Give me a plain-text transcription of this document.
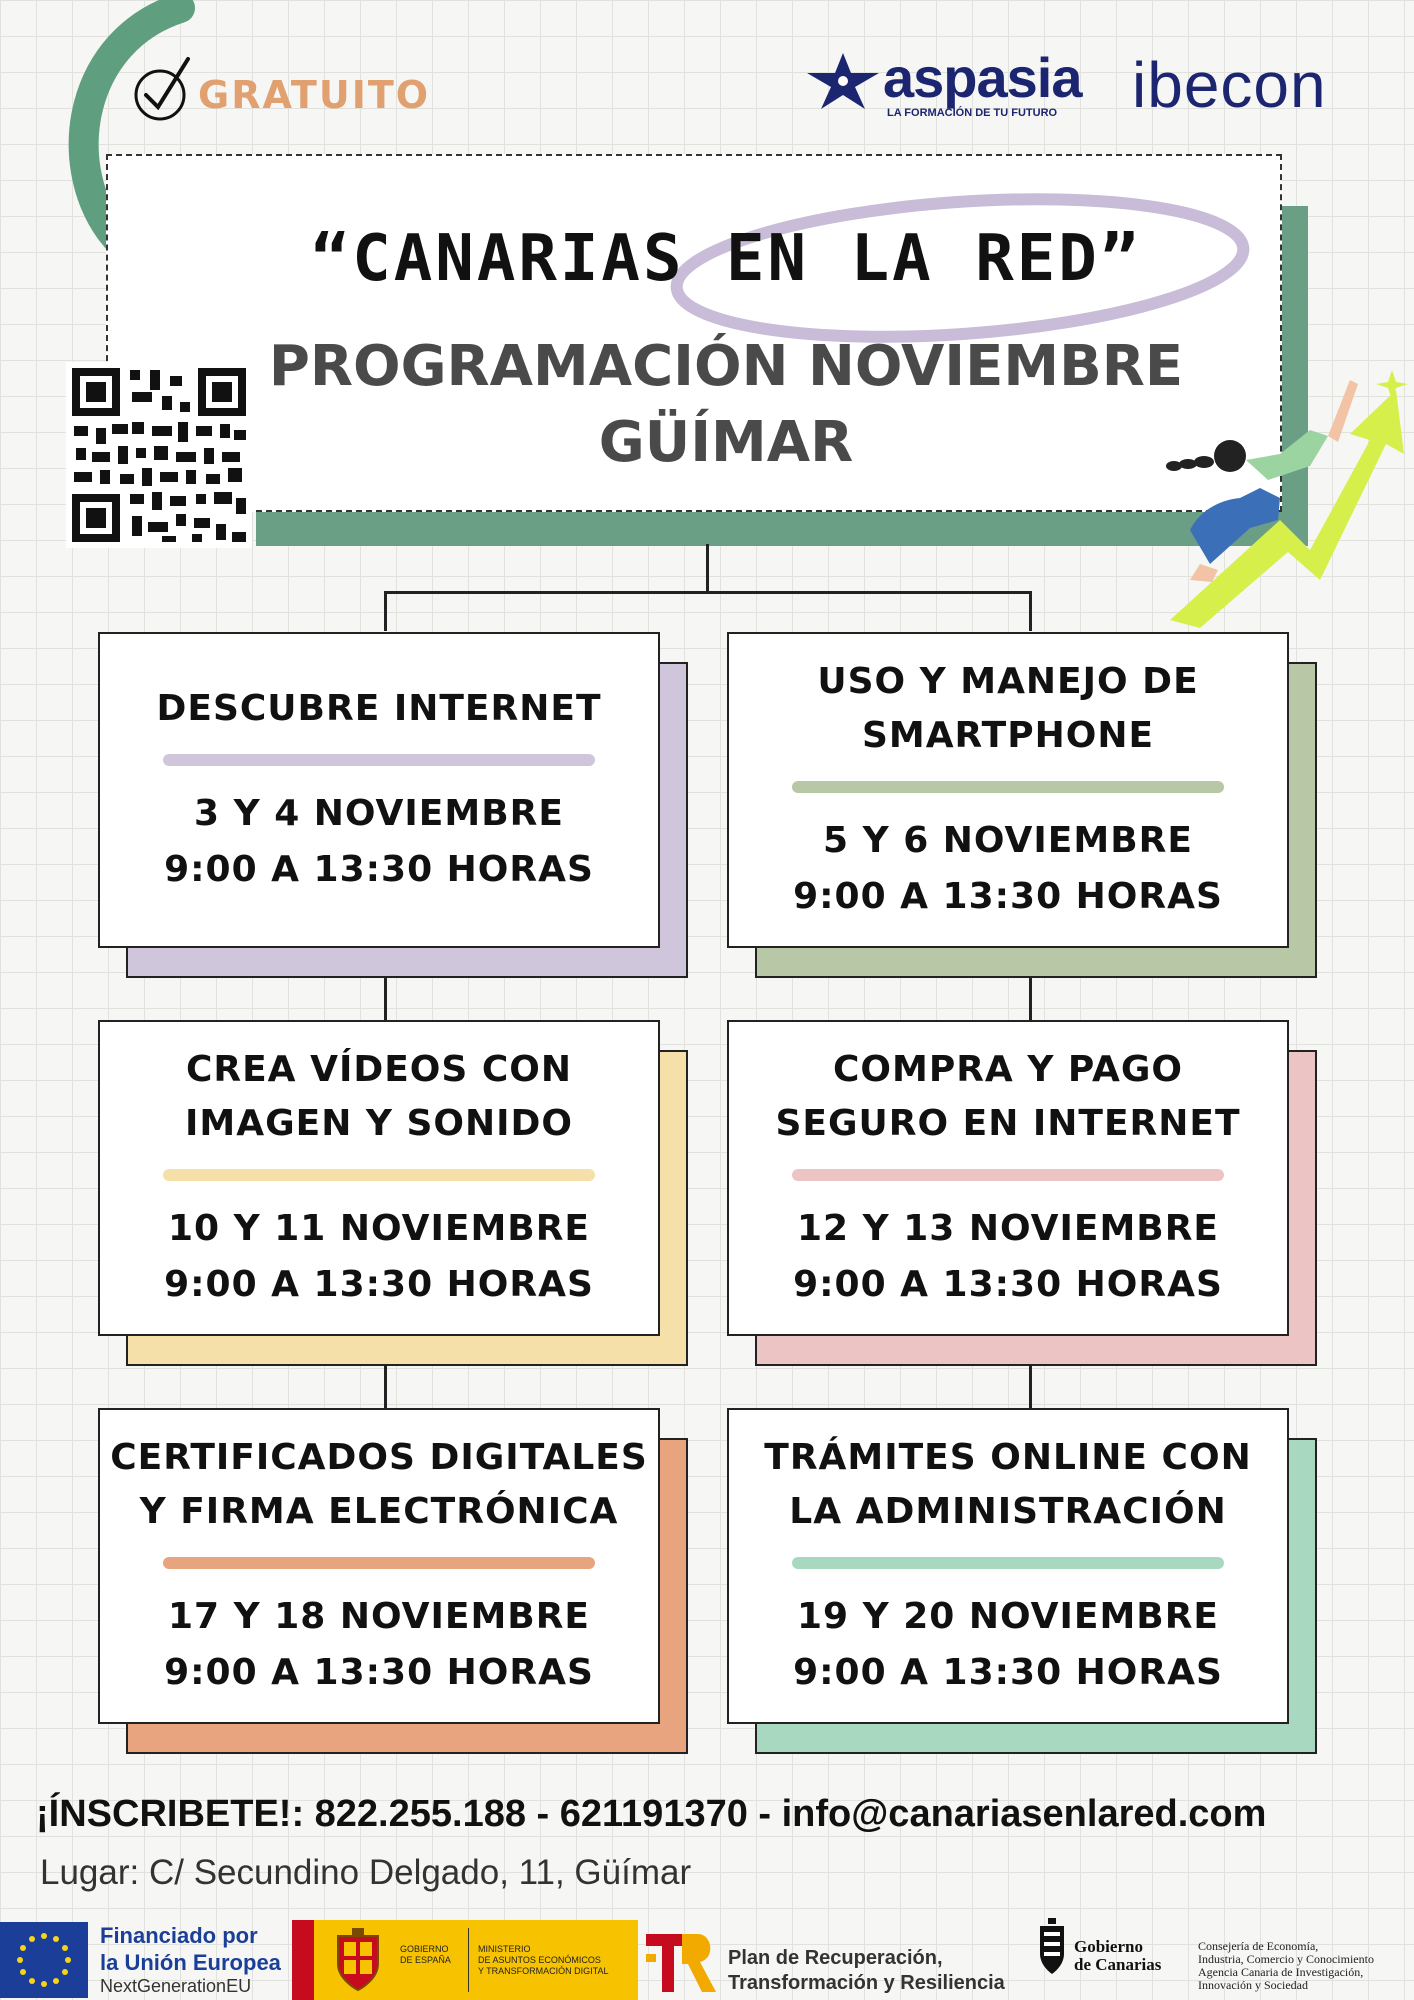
GRATUITO	aspasia
LA FORMACIÓN DE TU FUTURO ibecon
“CANARIAS EN LA RED”
PROGRAMACIÓN NOVIEMBRE
GÜÍMAR
DESCUBRE INTERNET
3 Y 4 NOVIEMBRE
9:00 A 13:30 HORAS
USO Y MANEJO DE
SMARTPHONE
5 Y 6 NOVIEMBRE
9:00 A 13:30 HORAS
CREA VÍDEOS CON
IMAGEN Y SONIDO
10 Y 11 NOVIEMBRE
9:00 A 13:30 HORAS
COMPRA Y PAGO
SEGURO EN INTERNET
12 Y 13 NOVIEMBRE
9:00 A 13:30 HORAS
CERTIFICADOS DIGITALES
Y FIRMA ELECTRÓNICA
17 Y 18 NOVIEMBRE
9:00 A 13:30 HORAS
TRÁMITES ONLINE CON
LA ADMINISTRACIÓN
19 Y 20 NOVIEMBRE
9:00 A 13:30 HORAS
¡ÍNSCRIBETE!: 822.255.188 - 621191370 - info@canariasenlared.com
Lugar: C/ Secundino Delgado, 11, Güímar
Financiado por
la Unión Europea
NextGenerationEU
GOBIERNO
DE ESPAÑA
MINISTERIO
DE ASUNTOS ECONÓMICOS
Y TRANSFORMACIÓN DIGITAL
Plan de Recuperación,
Transformación y Resiliencia
Gobierno
de Canarias
Consejería de Economía,
Industria, Comercio y Conocimiento
Agencia Canaria de Investigación,
Innovación y Sociedad
